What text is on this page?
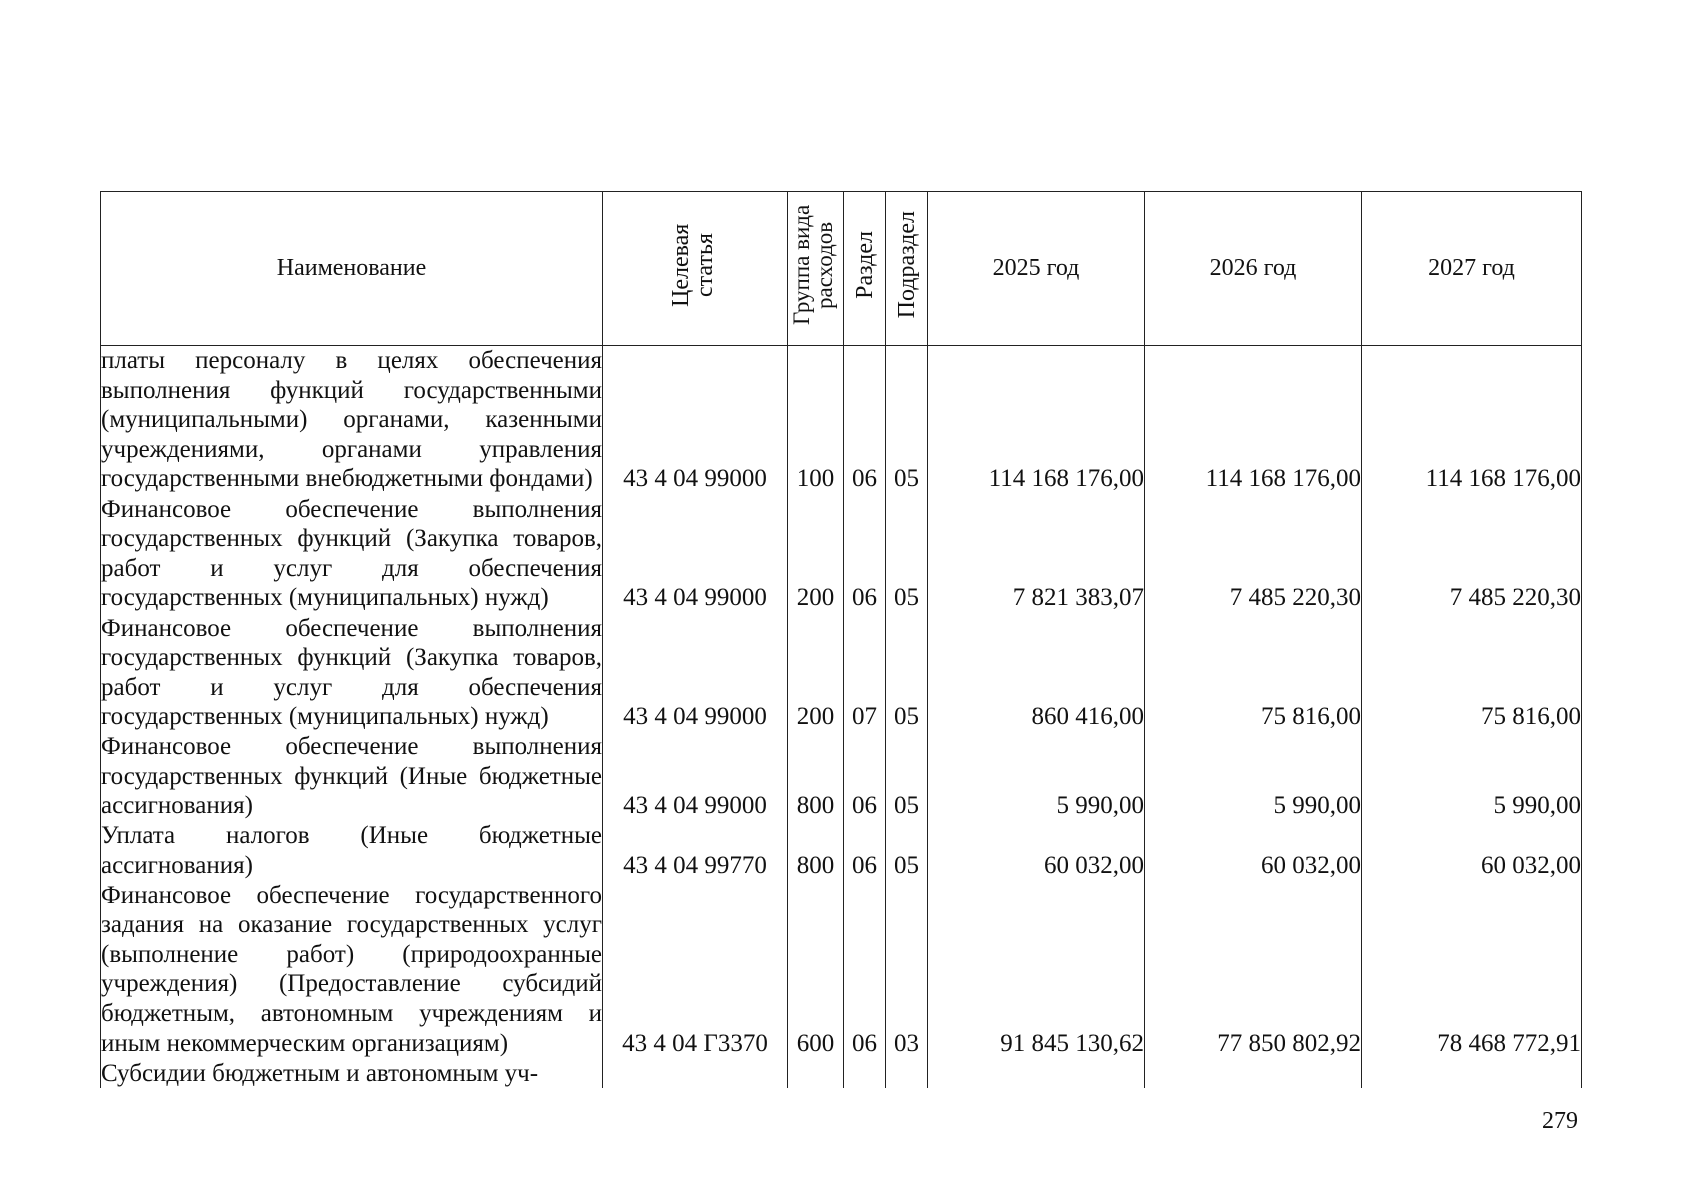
Наименование	Целевая статья	Группа вида расходов	Раздел	Подраздел	2025 год	2026 год	2027 год
платы персоналу в целях обеспечения выполнения функций государственными (муниципальными) органами, казенными учреждениями, органами управления государственными внебюджетными фондами)	43 4 04 99000	100	06	05	114 168 176,00	114 168 176,00	114 168 176,00
Финансовое обеспечение выполнения государственных функций (Закупка товаров, работ и услуг для обеспечения государственных (муниципальных) нужд)	43 4 04 99000	200	06	05	7 821 383,07	7 485 220,30	7 485 220,30
Финансовое обеспечение выполнения государственных функций (Закупка товаров, работ и услуг для обеспечения государственных (муниципальных) нужд)	43 4 04 99000	200	07	05	860 416,00	75 816,00	75 816,00
Финансовое обеспечение выполнения государственных функций (Иные бюджетные ассигнования)	43 4 04 99000	800	06	05	5 990,00	5 990,00	5 990,00
Уплата налогов (Иные бюджетные ассигнования)	43 4 04 99770	800	06	05	60 032,00	60 032,00	60 032,00
Финансовое обеспечение государственного задания на оказание государственных услуг (выполнение работ) (природоохранные учреждения) (Предоставление субсидий бюджетным, автономным учреждениям и иным некоммерческим организациям)	43 4 04 Г3370	600	06	03	91 845 130,62	77 850 802,92	78 468 772,91
Субсидии бюджетным и автономным уч-							
279
